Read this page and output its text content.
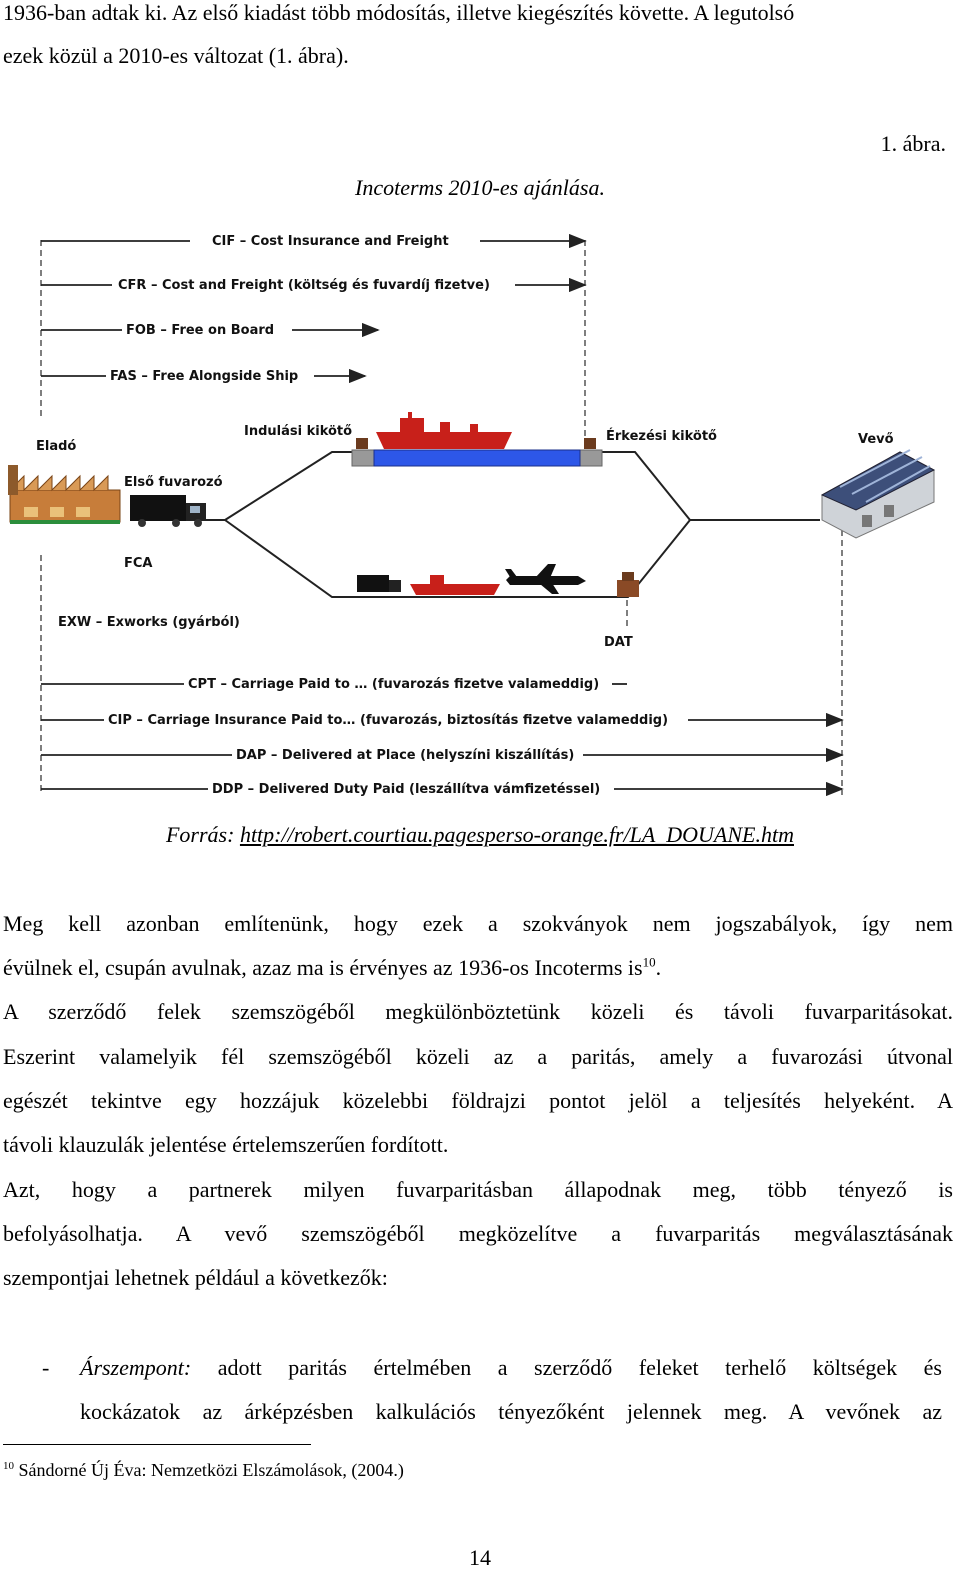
1936-ban adtak ki. Az első kiadást több módosítás, illetve kiegészítés követte. A legutolsó
ezek közül a 2010-es változat (1. ábra).
1. ábra.
Incoterms 2010-es ajánlása.
CIF – Cost Insurance and Freight
CFR – Cost and Freight (költség és fuvardíj fizetve)
FOB – Free on Board
FAS – Free Alongside Ship
Eladó
Indulási kikötő	Érkezési kikötő	Vevő
Első fuvarozó
FCA
DAT
EXW – Exworks (gyárból)
CPT – Carriage Paid to … (fuvarozás fizetve valameddig)
CIP – Carriage Insurance Paid to… (fuvarozás, biztosítás fizetve valameddig)
DAP – Delivered at Place (helyszíni kiszállítás)
DDP – Delivered Duty Paid (leszállítva vámfizetéssel)
Forrás: http://robert.courtiau.pagesperso-orange.fr/LA_DOUANE.htm
Meg kell azonban említenünk, hogy ezek a szokványok nem jogszabályok, így nem
évülnek el, csupán avulnak, azaz ma is érvényes az 1936-os Incoterms $is^{10}$.
A szerződő felek szemszögéből megkülönböztetünk közeli és távoli fuvarparitásokat.
Eszerint valamelyik fél szemszögéből közeli az a paritás, amely a fuvarozási útvonal
egészét tekintve egy hozzájuk közelebbi földrajzi pontot jelöl a teljesítés helyeként. A
távoli klauzulák jelentése értelemszerűen fordított.
Azt, hogy a partnerek milyen fuvarparitásban állapodnak meg, több tényező is
befolyásolhatja. A vevő szemszögéből megközelítve a fuvarparitás megválasztásának
szempontjai lehetnek például a következők:
- Árszempont: adott paritás értelmében a szerződő feleket terhelő költségek és
kockázatok az árképzésben kalkulációs tényezőként jelennek meg. A vevőnek az
$^{10}$ Sándorné Új Éva: Nemzetközi Elszámolások, (2004.)
14
